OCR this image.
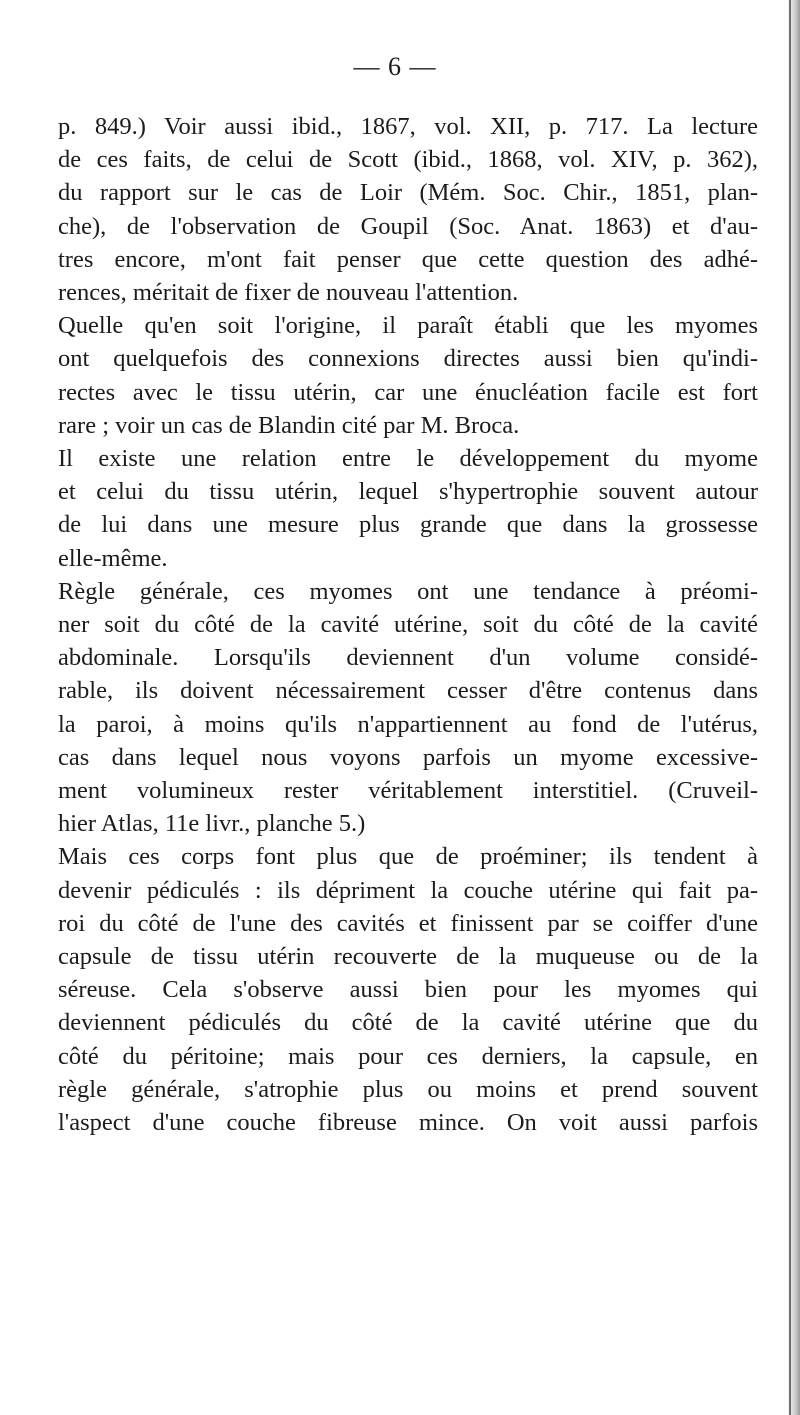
— 6 —
p. 849.) Voir aussi ibid., 1867, vol. XII, p. 717. La lecture
de ces faits, de celui de Scott (ibid., 1868, vol. XIV, p. 362),
du rapport sur le cas de Loir (Mém. Soc. Chir., 1851, plan-
che), de l'observation de Goupil (Soc. Anat. 1863) et d'au-
tres encore, m'ont fait penser que cette question des adhé-
rences, méritait de fixer de nouveau l'attention.
Quelle qu'en soit l'origine, il paraît établi que les myomes
ont quelquefois des connexions directes aussi bien qu'indi-
rectes avec le tissu utérin, car une énucléation facile est fort
rare ; voir un cas de Blandin cité par M. Broca.
Il existe une relation entre le développement du myome
et celui du tissu utérin, lequel s'hypertrophie souvent autour
de lui dans une mesure plus grande que dans la grossesse
elle-même.
Règle générale, ces myomes ont une tendance à préomi-
ner soit du côté de la cavité utérine, soit du côté de la cavité
abdominale. Lorsqu'ils deviennent d'un volume considé-
rable, ils doivent nécessairement cesser d'être contenus dans
la paroi, à moins qu'ils n'appartiennent au fond de l'utérus,
cas dans lequel nous voyons parfois un myome excessive-
ment volumineux rester véritablement interstitiel. (Cruveil-
hier Atlas, 11e livr., planche 5.)
Mais ces corps font plus que de proéminer; ils tendent à
devenir pédiculés : ils dépriment la couche utérine qui fait pa-
roi du côté de l'une des cavités et finissent par se coiffer d'une
capsule de tissu utérin recouverte de la muqueuse ou de la
séreuse. Cela s'observe aussi bien pour les myomes qui
deviennent pédiculés du côté de la cavité utérine que du
côté du péritoine; mais pour ces derniers, la capsule, en
règle générale, s'atrophie plus ou moins et prend souvent
l'aspect d'une couche fibreuse mince. On voit aussi parfois
